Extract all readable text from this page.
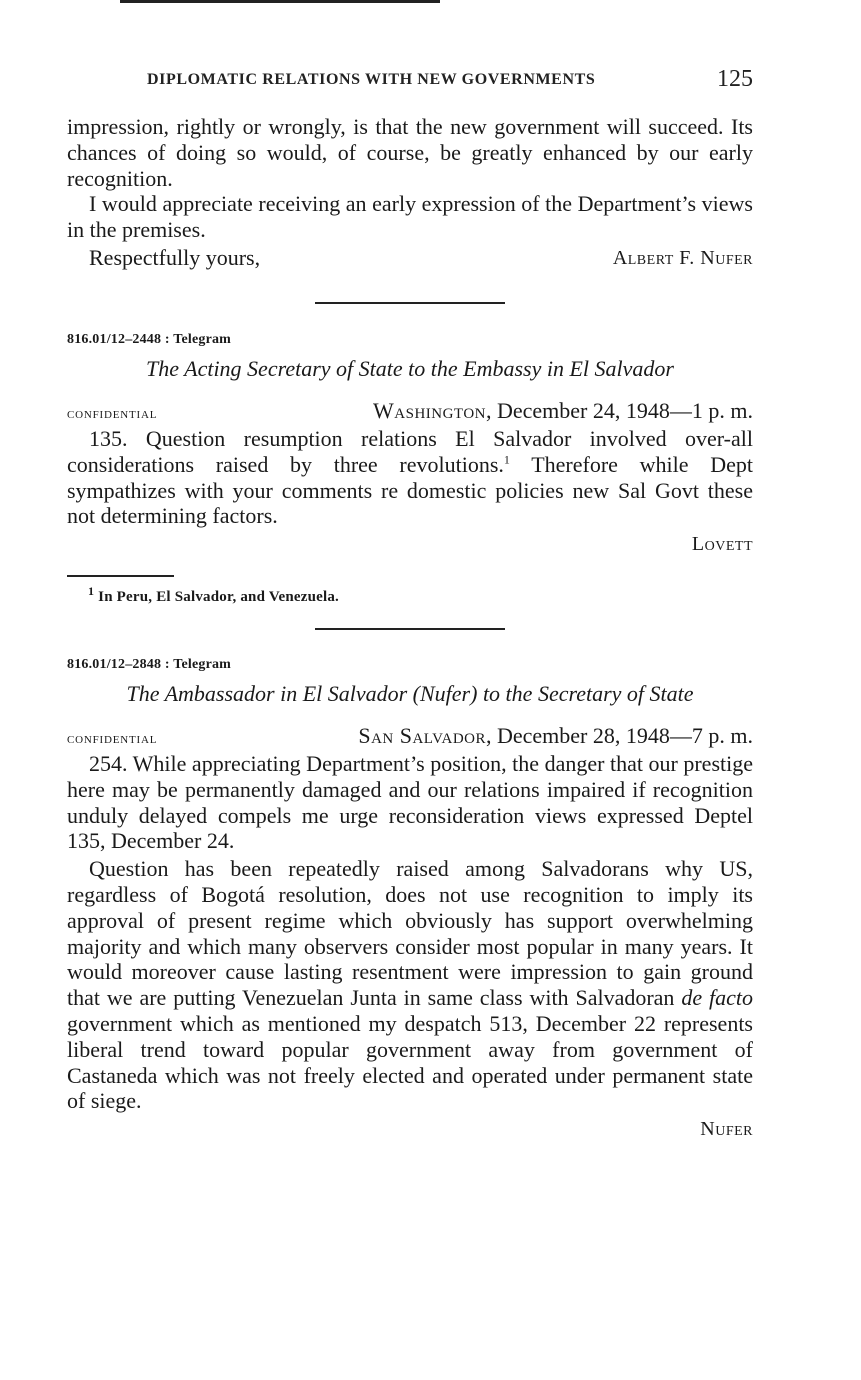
DIPLOMATIC RELATIONS WITH NEW GOVERNMENTS	125

impression, rightly or wrongly, is that the new government will succeed. Its chances of doing so would, of course, be greatly enhanced by our early recognition.

I would appreciate receiving an early expression of the Department’s views in the premises.

Respectfully yours,	Albert F. Nufer
816.01/12–2448 : Telegram
The Acting Secretary of State to the Embassy in El Salvador
confidential	Washington, December 24, 1948—1 p. m.

135. Question resumption relations El Salvador involved over-all considerations raised by three revolutions.$^1$ Therefore while Dept sympathizes with your comments re domestic policies new Sal Govt these not determining factors.

Lovett
$^1$ In Peru, El Salvador, and Venezuela.
816.01/12–2848 : Telegram
The Ambassador in El Salvador (Nufer) to the Secretary of State
confidential	San Salvador, December 28, 1948—7 p. m.

254. While appreciating Department’s position, the danger that our prestige here may be permanently damaged and our relations impaired if recognition unduly delayed compels me urge reconsideration views expressed Deptel 135, December 24.

Question has been repeatedly raised among Salvadorans why US, regardless of Bogotá resolution, does not use recognition to imply its approval of present regime which obviously has support overwhelming majority and which many observers consider most popular in many years. It would moreover cause lasting resentment were impression to gain ground that we are putting Venezuelan Junta in same class with Salvadoran de facto government which as mentioned my despatch 513, December 22 represents liberal trend toward popular government away from government of Castaneda which was not freely elected and operated under permanent state of siege.

Nufer
